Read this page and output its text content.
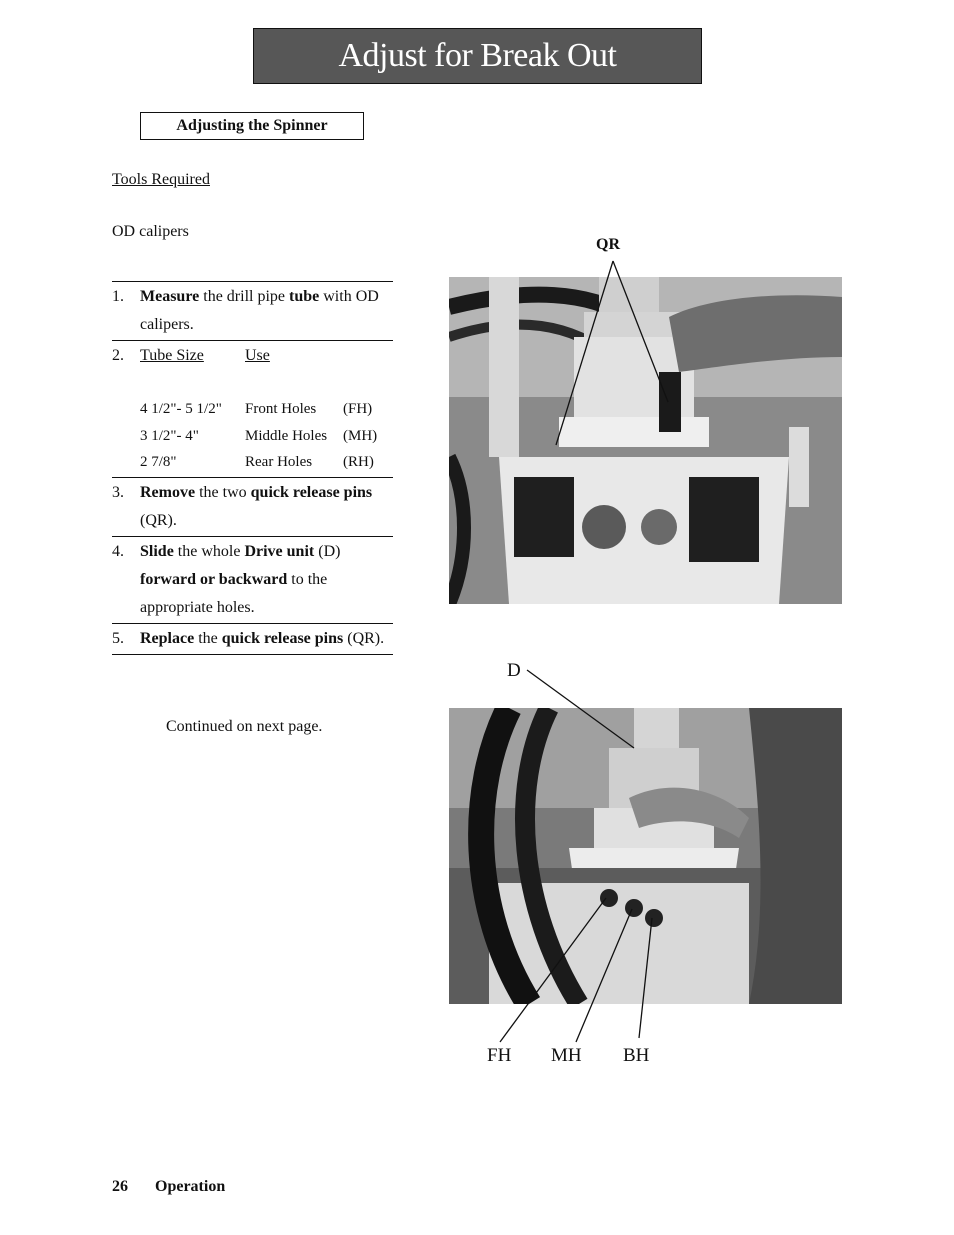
Adjust for Break Out
Adjusting the Spinner
Tools Required
OD calipers
1.	Measure the drill pipe tube with OD calipers.
2.	Tube Size	Use
4 1/2"- 5 1/2"	Front Holes	(FH)
3 1/2"- 4"	Middle Holes	(MH)
2 7/8"	Rear Holes	(RH)
3.	Remove the two quick release pins (QR).
4.	Slide the whole Drive unit (D) forward or backward to the appropriate holes.
5.	Replace the quick release pins (QR).
Continued on next page.
QR
D
FH MH BH
26 Operation
